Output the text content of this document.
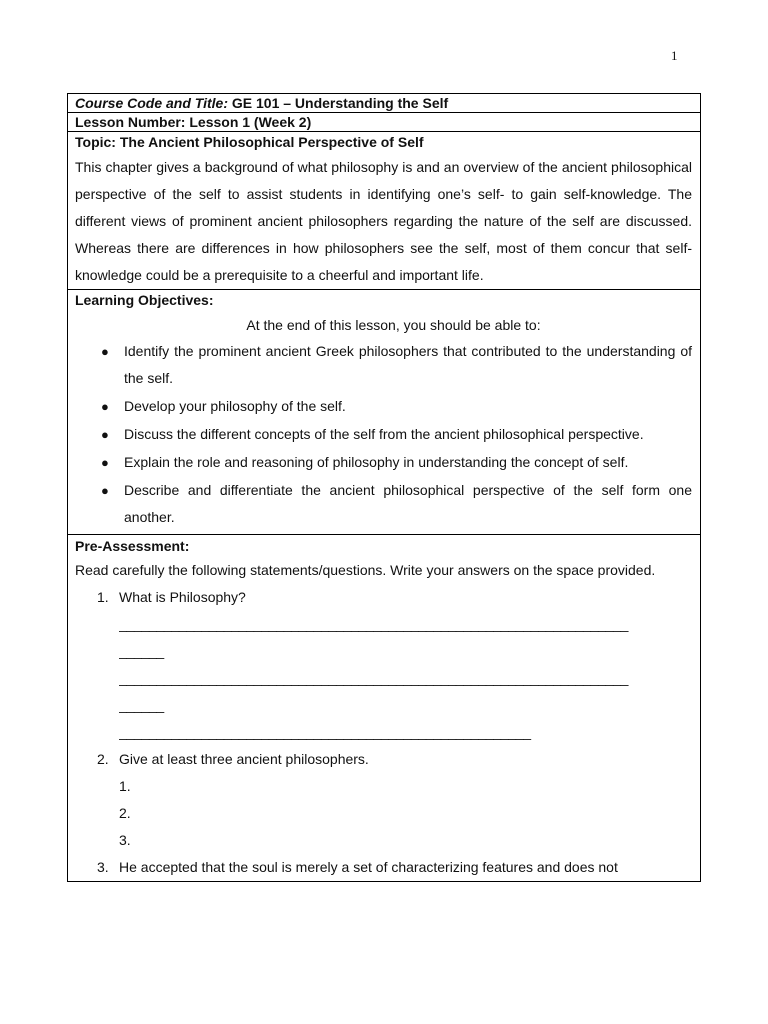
1
Course Code and Title: GE 101 – Understanding the Self
Lesson Number: Lesson 1 (Week 2)
Topic: The Ancient Philosophical Perspective of Self

This chapter gives a background of what philosophy is and an overview of the ancient philosophical perspective of the self to assist students in identifying one’s self- to gain self-knowledge. The different views of prominent ancient philosophers regarding the nature of the self are discussed. Whereas there are differences in how philosophers see the self, most of them concur that self-knowledge could be a prerequisite to a cheerful and important life.

Learning Objectives:
At the end of this lesson, you should be able to:
● Identify the prominent ancient Greek philosophers that contributed to the understanding of the self.
● Develop your philosophy of the self.
● Discuss the different concepts of the self from the ancient philosophical perspective.
● Explain the role and reasoning of philosophy in understanding the concept of self.
● Describe and differentiate the ancient philosophical perspective of the self form one another.
Pre-Assessment:

Read carefully the following statements/questions. Write your answers on the space provided.

1. What is Philosophy?
____________________________________________________________________
______
____________________________________________________________________
______
_______________________________________________________
2. Give at least three ancient philosophers.
1.
2.
3.
3. He accepted that the soul is merely a set of characterizing features and does not
